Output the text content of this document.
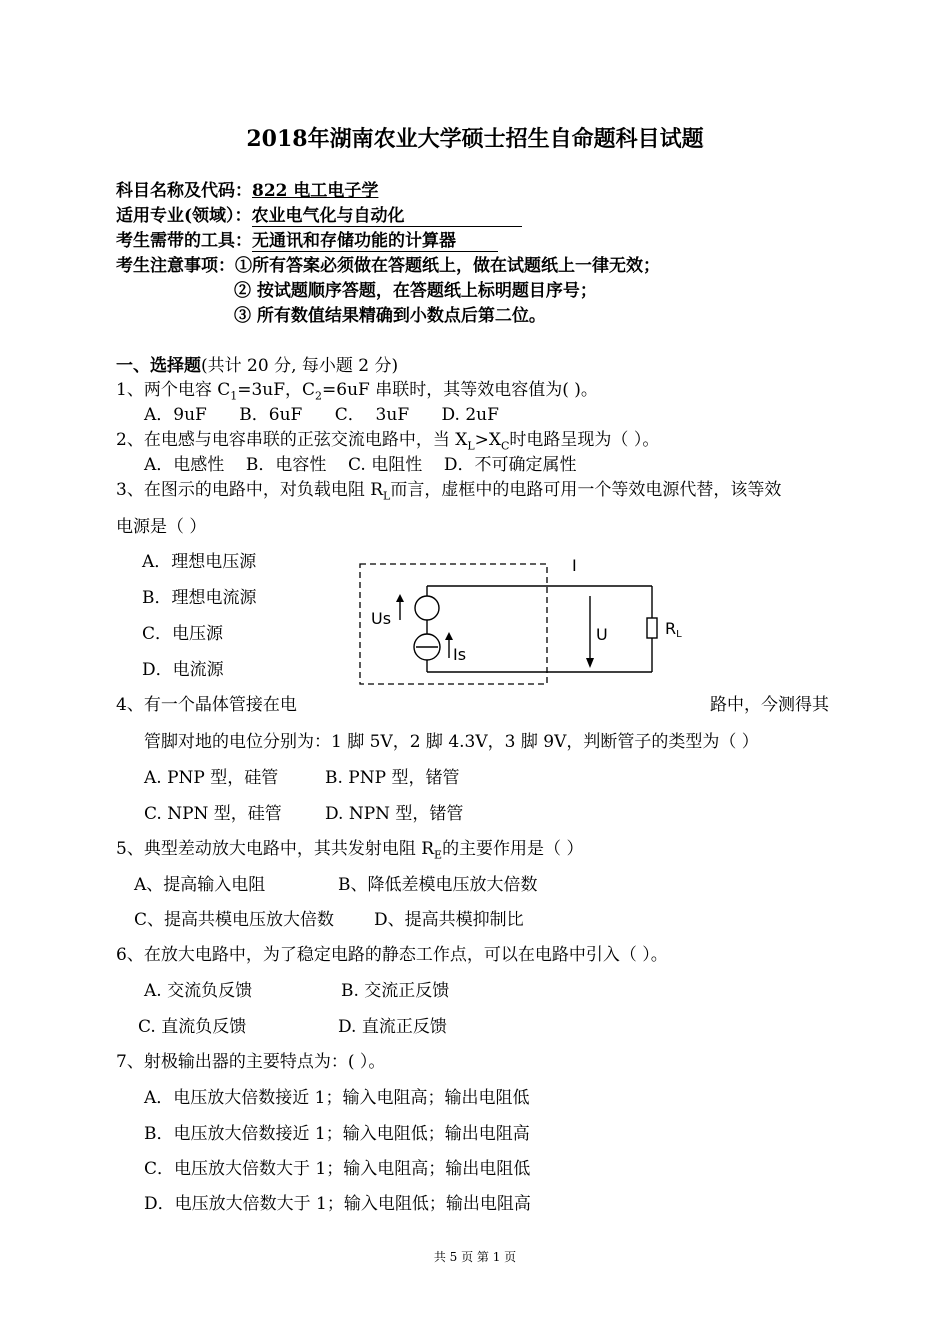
2018年湖南农业大学硕士招生自命题科目试题
科目名称及代码：822 电工电子学
适用专业(领域）：农业电气化与自动化
考生需带的工具：无通讯和存储功能的计算器
考生注意事项：①所有答案必须做在答题纸上，做在试题纸上一律无效；
② 按试题顺序答题，在答题纸上标明题目序号；
③ 所有数值结果精确到小数点后第二位。
一、选择题(共计 20 分, 每小题 2 分)
1、两个电容 $C_1=3uF$，$C_2=6uF$ 串联时，其等效电容值为( )。
A．9uF      B．6uF      C．  3uF      D. 2uF
2、在电感与电容串联的正弦交流电路中，当 $X_L>X_C$时电路呈现为（ ）。
A．电感性    B．电容性    C. 电阻性    D．不可确定属性
3、在图示的电路中，对负载电阻 $R_L$而言，虚框中的电路可用一个等效电源代替，该等效
电源是（ ）
A．理想电压源
B．理想电流源
C．电压源
D．电流源
Us
Is
U
I
RL
4、有一个晶体管接在电	路中，今测得其
管脚对地的电位分别为：1 脚 5V，2 脚 4.3V，3 脚 9V，判断管子的类型为（ ）
A. PNP 型，硅管	B. PNP 型，锗管
C. NPN 型，硅管	D. NPN 型，锗管
5、典型差动放大电路中，其共发射电阻 $R_E$的主要作用是（ ）
A、提高输入电阻	B、降低差模电压放大倍数
C、提高共模电压放大倍数 D、提高共模抑制比
6、在放大电路中，为了稳定电路的静态工作点，可以在电路中引入（ ）。
A. 交流负反馈	B. 交流正反馈
C. 直流负反馈	D. 直流正反馈
7、射极输出器的主要特点为：( ）。
A．电压放大倍数接近 1；输入电阻高；输出电阻低
B．电压放大倍数接近 1；输入电阻低；输出电阻高
C．电压放大倍数大于 1；输入电阻高；输出电阻低
D．电压放大倍数大于 1；输入电阻低；输出电阻高
共 5 页 第 1 页
